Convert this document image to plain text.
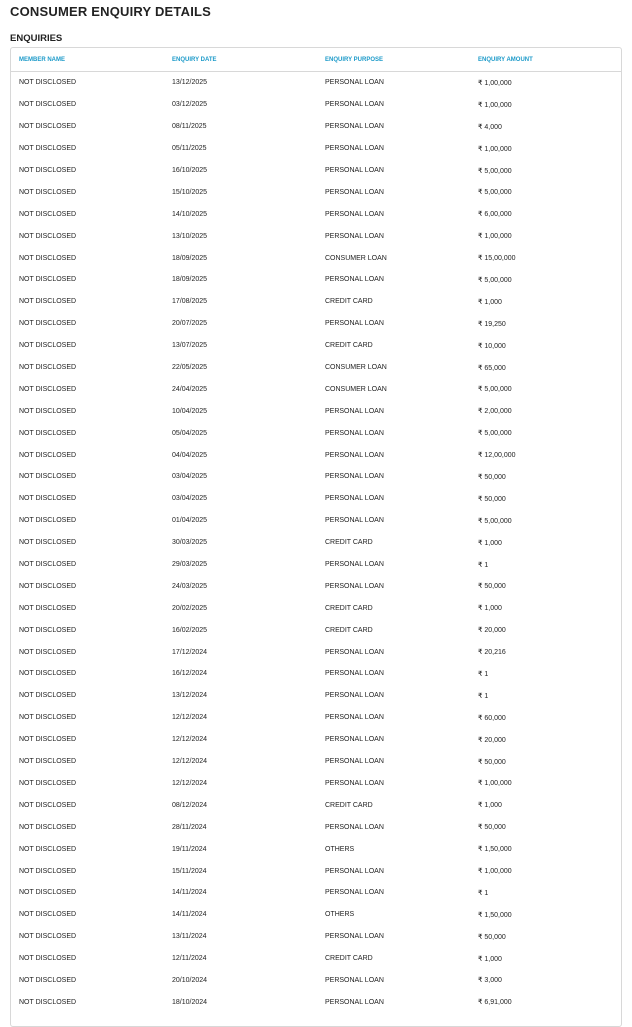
CONSUMER ENQUIRY DETAILS
ENQUIRIES
MEMBER NAME	ENQUIRY DATE	ENQUIRY PURPOSE	ENQUIRY AMOUNT
NOT DISCLOSED	13/12/2025	PERSONAL LOAN	₹ 1,00,000
NOT DISCLOSED	03/12/2025	PERSONAL LOAN	₹ 1,00,000
NOT DISCLOSED	08/11/2025	PERSONAL LOAN	₹ 4,000
NOT DISCLOSED	05/11/2025	PERSONAL LOAN	₹ 1,00,000
NOT DISCLOSED	16/10/2025	PERSONAL LOAN	₹ 5,00,000
NOT DISCLOSED	15/10/2025	PERSONAL LOAN	₹ 5,00,000
NOT DISCLOSED	14/10/2025	PERSONAL LOAN	₹ 6,00,000
NOT DISCLOSED	13/10/2025	PERSONAL LOAN	₹ 1,00,000
NOT DISCLOSED	18/09/2025	CONSUMER LOAN	₹ 15,00,000
NOT DISCLOSED	18/09/2025	PERSONAL LOAN	₹ 5,00,000
NOT DISCLOSED	17/08/2025	CREDIT CARD	₹ 1,000
NOT DISCLOSED	20/07/2025	PERSONAL LOAN	₹ 19,250
NOT DISCLOSED	13/07/2025	CREDIT CARD	₹ 10,000
NOT DISCLOSED	22/05/2025	CONSUMER LOAN	₹ 65,000
NOT DISCLOSED	24/04/2025	CONSUMER LOAN	₹ 5,00,000
NOT DISCLOSED	10/04/2025	PERSONAL LOAN	₹ 2,00,000
NOT DISCLOSED	05/04/2025	PERSONAL LOAN	₹ 5,00,000
NOT DISCLOSED	04/04/2025	PERSONAL LOAN	₹ 12,00,000
NOT DISCLOSED	03/04/2025	PERSONAL LOAN	₹ 50,000
NOT DISCLOSED	03/04/2025	PERSONAL LOAN	₹ 50,000
NOT DISCLOSED	01/04/2025	PERSONAL LOAN	₹ 5,00,000
NOT DISCLOSED	30/03/2025	CREDIT CARD	₹ 1,000
NOT DISCLOSED	29/03/2025	PERSONAL LOAN	₹ 1
NOT DISCLOSED	24/03/2025	PERSONAL LOAN	₹ 50,000
NOT DISCLOSED	20/02/2025	CREDIT CARD	₹ 1,000
NOT DISCLOSED	16/02/2025	CREDIT CARD	₹ 20,000
NOT DISCLOSED	17/12/2024	PERSONAL LOAN	₹ 20,216
NOT DISCLOSED	16/12/2024	PERSONAL LOAN	₹ 1
NOT DISCLOSED	13/12/2024	PERSONAL LOAN	₹ 1
NOT DISCLOSED	12/12/2024	PERSONAL LOAN	₹ 60,000
NOT DISCLOSED	12/12/2024	PERSONAL LOAN	₹ 20,000
NOT DISCLOSED	12/12/2024	PERSONAL LOAN	₹ 50,000
NOT DISCLOSED	12/12/2024	PERSONAL LOAN	₹ 1,00,000
NOT DISCLOSED	08/12/2024	CREDIT CARD	₹ 1,000
NOT DISCLOSED	28/11/2024	PERSONAL LOAN	₹ 50,000
NOT DISCLOSED	19/11/2024	OTHERS	₹ 1,50,000
NOT DISCLOSED	15/11/2024	PERSONAL LOAN	₹ 1,00,000
NOT DISCLOSED	14/11/2024	PERSONAL LOAN	₹ 1
NOT DISCLOSED	14/11/2024	OTHERS	₹ 1,50,000
NOT DISCLOSED	13/11/2024	PERSONAL LOAN	₹ 50,000
NOT DISCLOSED	12/11/2024	CREDIT CARD	₹ 1,000
NOT DISCLOSED	20/10/2024	PERSONAL LOAN	₹ 3,000
NOT DISCLOSED	18/10/2024	PERSONAL LOAN	₹ 6,91,000
